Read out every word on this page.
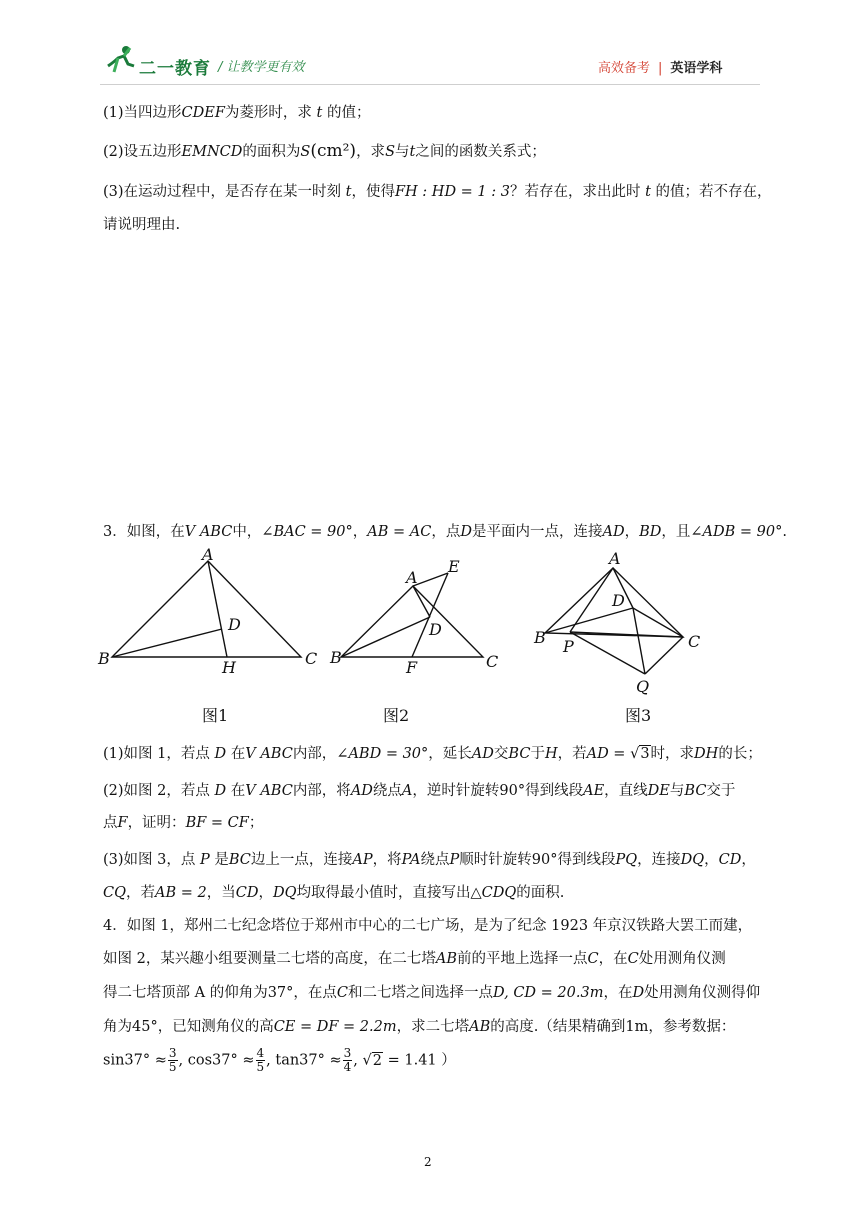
二一教育 / 让教学更有效	高效备考 | 英语学科
(1)当四边形CDEF为菱形时，求 t 的值；
(2)设五边形EMNCD的面积为S(cm²)，求S与t之间的函数关系式；
(3)在运动过程中，是否存在某一时刻 t，使得FH : HD = 1 : 3？若存在，求出此时 t 的值；若不存在，
请说明理由.
3．如图，在V ABC中，∠BAC = 90°，AB = AC，点D是平面内一点，连接AD，BD，且∠ADB = 90°.
A
B	C
D
H
图1
A
E
D
B
F	C
图2
A
D
B P	C
Q
图3
(1)如图 1，若点 D 在V ABC内部，∠ABD = 30°，延长AD交BC于H，若AD = √3时，求DH的长；
(2)如图 2，若点 D 在V ABC内部，将AD绕点A，逆时针旋转90°得到线段AE，直线DE与BC交于
点F，证明：BF = CF；
(3)如图 3，点 P 是BC边上一点，连接AP，将PA绕点P顺时针旋转90°得到线段PQ，连接DQ，CD，
CQ，若AB = 2，当CD，DQ均取得最小值时，直接写出△CDQ的面积.
4．如图 1，郑州二七纪念塔位于郑州市中心的二七广场，是为了纪念 1923 年京汉铁路大罢工而建，
如图 2，某兴趣小组要测量二七塔的高度，在二七塔AB前的平地上选择一点C，在C处用测角仪测
得二七塔顶部 A 的仰角为37°，在点C和二七塔之间选择一点D, CD = 20.3m，在D处用测角仪测得仰
角为45°，已知测角仪的高CE = DF = 2.2m，求二七塔AB的高度.（结果精确到1m，参考数据：
$\sin 37^\circ \approx \frac{3}{5}$ , $\cos 37^\circ \approx \frac{4}{5}$ , $\tan 37^\circ \approx \frac{3}{4}$ , √2 = 1.41 ）
2
